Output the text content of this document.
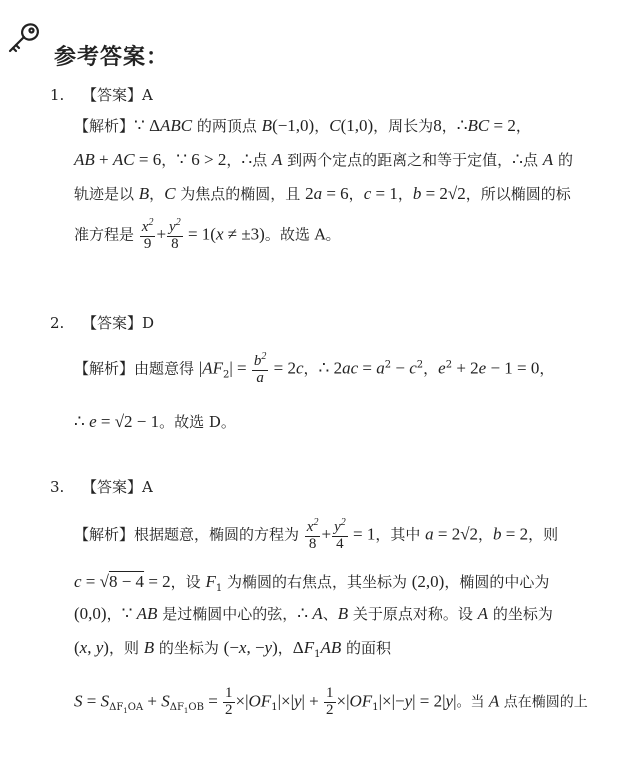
参考答案：
1. 【答案】A
【解析】∵ ΔABC 的两顶点 B(−1,0)，C(1,0)，周长为8，∴BC = 2，
AB + AC = 6，∵ 6 > 2，∴点 A 到两个定点的距离之和等于定值，∴点 A 的
轨迹是以 B，C 为焦点的椭圆，且 2a = 6，c = 1，b = 2√2，所以椭圆的标
准方程是 $\frac{x^2}{9} + \frac{y^2}{8} = 1(x \ne \pm 3)$。故选 A。
2. 【答案】D
【解析】由题意得 $|AF_2| = \frac{b^2}{a} = 2c$，∴ $2ac = a^2 - c^2$，$e^2 + 2e - 1 = 0$，
∴ e = √2 − 1。故选 D。
3. 【答案】A
【解析】根据题意，椭圆的方程为 $\frac{x^2}{8} + \frac{y^2}{4} = 1$，其中 a = 2√2，b = 2，则
c = √8 − 4 = 2，设 $F_1$ 为椭圆的右焦点，其坐标为 (2,0)，椭圆的中心为
(0,0)，∵ AB 是过椭圆中心的弦，∴ A、B 关于原点对称。设 A 的坐标为
(x, y)，则 B 的坐标为 (−x, −y)，$\Delta F_1AB$ 的面积
$S = S_{\Delta F_1OA} + S_{\Delta F_1OB} = \frac{1}{2} \times|OF_1|\times|y| + \frac{1}{2} \times|OF_1|\times|-y| = 2|y|$。当 A 点在椭圆的上
